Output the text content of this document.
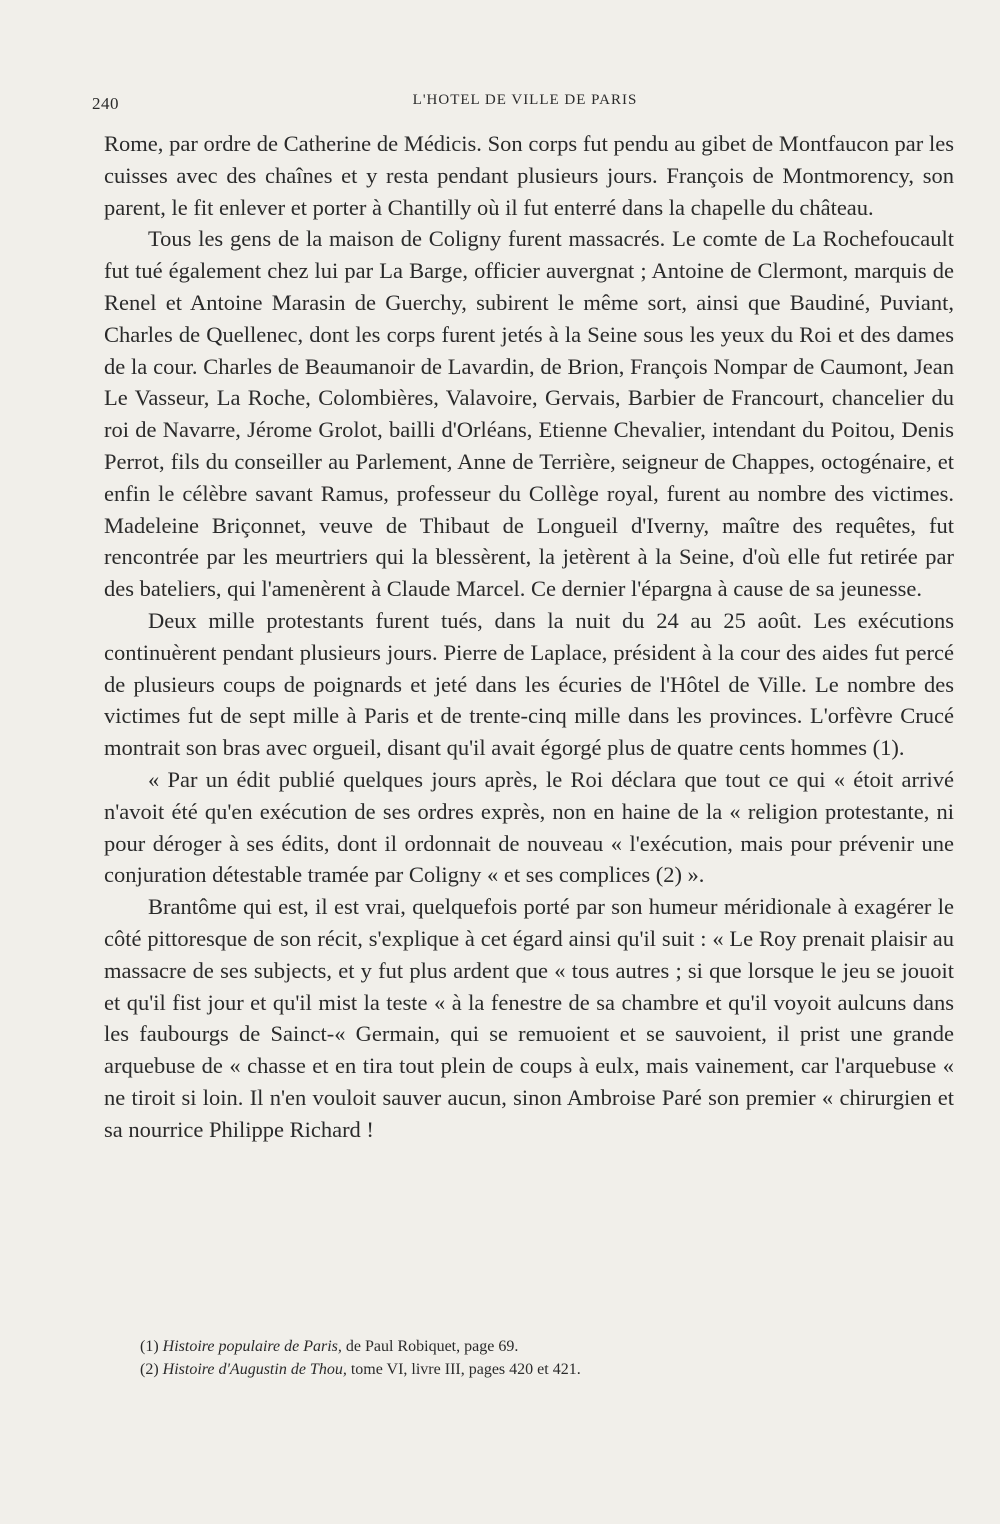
240	L'HOTEL DE VILLE DE PARIS

Rome, par ordre de Catherine de Médicis. Son corps fut pendu au gibet de Montfaucon par les cuisses avec des chaînes et y resta pendant plusieurs jours. François de Montmorency, son parent, le fit enlever et porter à Chantilly où il fut enterré dans la chapelle du château.

Tous les gens de la maison de Coligny furent massacrés. Le comte de La Rochefoucault fut tué également chez lui par La Barge, officier auvergnat ; Antoine de Clermont, marquis de Renel et Antoine Marasin de Guerchy, subirent le même sort, ainsi que Baudiné, Puviant, Charles de Quellenec, dont les corps furent jetés à la Seine sous les yeux du Roi et des dames de la cour. Charles de Beaumanoir de Lavardin, de Brion, François Nompar de Caumont, Jean Le Vasseur, La Roche, Colombières, Valavoire, Gervais, Barbier de Francourt, chancelier du roi de Navarre, Jérome Grolot, bailli d'Orléans, Etienne Chevalier, intendant du Poitou, Denis Perrot, fils du conseiller au Parlement, Anne de Terrière, seigneur de Chappes, octogénaire, et enfin le célèbre savant Ramus, professeur du Collège royal, furent au nombre des victimes. Madeleine Briçonnet, veuve de Thibaut de Longueil d'Iverny, maître des requêtes, fut rencontrée par les meurtriers qui la blessèrent, la jetèrent à la Seine, d'où elle fut retirée par des bateliers, qui l'amenèrent à Claude Marcel. Ce dernier l'épargna à cause de sa jeunesse.

Deux mille protestants furent tués, dans la nuit du 24 au 25 août. Les exécutions continuèrent pendant plusieurs jours. Pierre de Laplace, président à la cour des aides fut percé de plusieurs coups de poignards et jeté dans les écuries de l'Hôtel de Ville. Le nombre des victimes fut de sept mille à Paris et de trente-cinq mille dans les provinces. L'orfèvre Crucé montrait son bras avec orgueil, disant qu'il avait égorgé plus de quatre cents hommes (1).

« Par un édit publié quelques jours après, le Roi déclara que tout ce qui « étoit arrivé n'avoit été qu'en exécution de ses ordres exprès, non en haine de la « religion protestante, ni pour déroger à ses édits, dont il ordonnait de nouveau « l'exécution, mais pour prévenir une conjuration détestable tramée par Coligny « et ses complices (2) ».

Brantôme qui est, il est vrai, quelquefois porté par son humeur méridionale à exagérer le côté pittoresque de son récit, s'explique à cet égard ainsi qu'il suit : « Le Roy prenait plaisir au massacre de ses subjects, et y fut plus ardent que « tous autres ; si que lorsque le jeu se jouoit et qu'il fist jour et qu'il mist la teste « à la fenestre de sa chambre et qu'il voyoit aulcuns dans les faubourgs de Sainct-« Germain, qui se remuoient et se sauvoient, il prist une grande arquebuse de « chasse et en tira tout plein de coups à eulx, mais vainement, car l'arquebuse « ne tiroit si loin. Il n'en vouloit sauver aucun, sinon Ambroise Paré son premier « chirurgien et sa nourrice Philippe Richard !

(1) Histoire populaire de Paris, de Paul Robiquet, page 69.

(2) Histoire d'Augustin de Thou, tome VI, livre III, pages 420 et 421.
